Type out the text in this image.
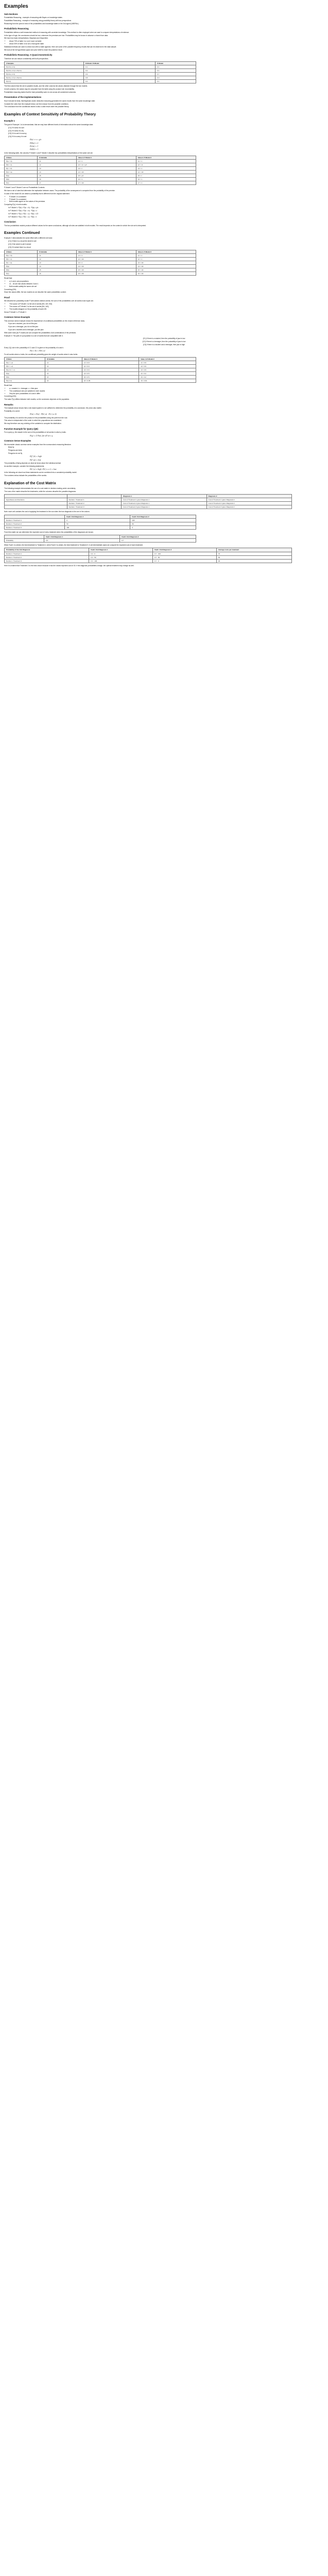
Examples
Sub-Sections

Probabilistic Reasoning - example of reasoning with Bayes on knowledge states

Possibilities Reasoning - example of reasoning using possibility theory with two perspectives

Reasoning from the point of view of the probabilities and knowledge states in the 2nd agent (LIBERAL)

Probabilistic Reasoning

Probabilistic defines a well researched method of reasoning with uncertain knowledge. This method is often employed when we want to compare interpretations of evidence.

In the type of logic, the conclusions should be true, whenever the premises are true. Probabilities may be known in advance or learnt from data.

We have two basic interpretations: Bayesian and frequentist.

• About 70% of table 4 or um it more not table
• About 30% of table 4 not um a most given state

Statistical methods are used to check how often a state appears. Here are some of the possible frequency results that can be observed in the data sample.

We look at the full hypothesis space and prior belief to reach the posterior result.

Probabilistic Reasoning: A Quasi-monotonicity

Therefore we can reason consistently with both perspectives.

# Samples	R-Model / R-Model	P-Model
P(v=hi | x=1)	0.1	0.1
P(v=hi | x=1) ∧ P(x=1)	0.2	0.1
P(v=lo | x=1)	0.9	0.7
P(v=lo | x=1) ∧ P(x=1)	0.8	0.3
P(x=1)	0.4	0.1

The first column lists the set of possible results, and the other columns list values obtained through the two models.

In both columns, the values may be computed from the table using the product rule of probability.

Probabilistic reasoning states that the total probability sums to one across all considered outcomes.

Presentation of the implementations

How it should be ideal, that Bayesian and/or deductive reasoning generates the same results from the same knowledge state.

Consider the rules from the example below; we then reason from the possible conditions.

The conclusion from the conditional values is also a valid result under the possible theory.

Examples of Context Sensitivity of Probability Theory
Example 1

The goal of Example 1 is to demonstrate, that we may have different levels of information about the same knowledge state.

{C1} If it rains it is wet

{C2} If it rains it is dry

{C3} If it is wet it is sunny

{C4} If it is sunny it is wet

P(a) = x = y/z

P(b|a) = 0

P(c|a) = 1

P(d|b) = 1

In the following table, the columns P-Model 1 and P-Model 2 describe two probabilistic interpretations of the same rule set.

# Rules	R-Variable	Value in P-Model 1	Value in P-Model 2
P(a ⇒ b)	x1	x1 = 1	x1 = 1
P(b ⇒ c)	x2	x2 = x1 = y/z	x2 = x1
P(c ⇒ d)	x3	x3 = z	x3 = 1
P(d ⇒ a)	x4	x4 = 1/2	x4 = 1/2
P(a)	x5	x5 = y/z	x5 = z
P(b)	x6	x6 = 1	x6 = 1
P(c)	x7	x7 = 1/2	x7 = 1

P-Model 1 and P-Model 2 are not Probabilistic Contexts

We have a set of rules that determine the implication between cases. The probability of the consequence is computed from the probability of the premise.

In case of the model M1 we obtain a probability that is different from the original statement.

• P-Model 1 is consistent
• P-Model 2 is consistent
• Both models agree on the values of the premises

Computing P(x) in both models:

In P-Model 1: P(b) = P(a ⇒ b) · P(a) = y/z

In P-Model 2: P(b) = P(a ⇒ b) · P(a) = z

In P-Model 1: P(c) = P(b ⇒ c) · P(b) = 1/2

In P-Model 2: P(c) = P(b ⇒ c) · P(b) = 1

Conclusion

The two probabilistic models produce different values for the same conclusions, although all rules are satisfied in both models. The result depends on the context in which the rule set is interpreted.

Examples Continued

Example 2 demonstrates the same effect with a different rule base.

{C1} If there is a cloud the street is wet

{C2} If the street is wet it rained

{C3} If it rained there is a cloud

# Rules	R-Variable	Value in P-Model 1	Value in P-Model 2
P(a ⇒ b)	x1	x1 = 1	x1 = 1
P(b ⇒ c)	x2	x2 = 1/2	x2 = 1
P(c ⇒ a)	x3	x3 = 1	x3 = 1/2
P(a)	x4	x4 = 1/3	x4 = 1/2
P(b)	x5	x5 = 1/3	x5 = 1/2
P(c)	x6	x6 = 1/6	x6 = 1/2

Recall that:

• a, b and c are propositions
• x1 .. x6 are real values between 0 and 1
• Both models satisfy the same rule set

Converting (DD):

Since the values differ, the two models do not describe the same probabilistic context.

Proof

We describe the probability model P with sixteen distinct worlds; the sum of the probabilities over all worlds must equal one.

• The source of P-Model 1 is the set of worlds {W1, W2, W3}
• The source of P-Model 2 is the set of worlds {W1, W4}
• The models disagree on the probability of world W1

Hence P-Model 1 ≠ P-Model 2.

Common Sense Example

This common sense example shows the dependence of conditional probabilities on the chosen reference class.

If you are a student, you do not like jazz

If you are a teenager, you do not like jazz

If you are a student and a teenager, you like jazz

With some tools (as P-model) we can compute the probabilities of all combinations of the premises.

Example 3: The path of a proposition is a set of worlds that are compatible with it.

{C1} If there is a student, then the probability of jazz is low

{C2} If there is a teenager, then the probability of jazz is low

{C3} If there is a student and a teenager, then jazz is high

Every C(l) rule in the probability of C1 and C2 is given in the probability of a and b.

P(a ⇒ b) = P(b | a)

For all worlds where a holds, the conditional probability gives the weight of worlds where b also holds.

# Rules	R-Variable	Value in P-Model 1	Value in P-Model 2
P(a ⇒ ¬c)	x1	x1 = 0.9	x1 = 0.9
P(b ⇒ ¬c)	x2	x2 = 0.9	x2 = 0.9
P(a ∧ b ⇒ c)	x3	x3 = 0.9	x3 = 0.9
P(a)	x4	x4 = 0.5	x4 = 0.2
P(b)	x5	x5 = 0.5	x5 = 0.2
P(a ∧ b)	x6	x6 = 0.05	x6 = 0.01

Recall that:

• a = student, b = teenager, c = likes jazz
• The conditional rules are satisfied in both models
• Only the prior probabilities of a and b differ

Converting (DD):

The value P(c) differs between both models, so the conclusion depends on the population.

Remarks

The example above shows that a rule-based system is not sufficient to determine the probability of a conclusion; the priors also matter.

Probability of a world:

P(w) = P(a) · P(b | a) · P(c | a, b)

The probability of a world is the product of the probabilities along the path from the root.

This value is independent of the order in which the propositions are considered.

We may therefore use any ordering of the variables to compute the distribution.

Function Example for Query (QE)

For a query q, the answer is the sum of the probabilities of all worlds in which q holds.

P(q) = Σ P(w), for all w ⊨ q

Common Sense Examples

We reconsider classic common sense examples from the nonmonotonic reasoning literature.

Birds fly

Penguins are birds

Penguins do not fly

P(f | b) = high

P(f | p) = low

The probability of flying depends on what we know about the individual animal.

As another example, consider the following statements:

P(t | s) = high, P(t | s ∧ r) = low

In the following we show how these statements can be combined into a consistent probability model.

The numbers below indicate the probabilities of the worlds.

Explanation of the Cost Matrix

The following example demonstrates the use of a cost matrix in decision making under uncertainty.

The rows of the matrix describe the treatments, while the columns describe the possible diagnoses.

		Diagnosis 1	Diagnosis 2
Hypotheses and Decisions	Decision / Treatment 1	Cost of Treatment 1 given Diagnosis 1	Cost of Treatment 1 given Diagnosis 2
	Decision / Treatment 2	Cost of Treatment 2 given Diagnosis 1	Cost of Treatment 2 given Diagnosis 2
	Decision / Treatment 3	Cost of Treatment 3 given Diagnosis 1	Cost of Treatment 3 given Diagnosis 2

Note: each cell contains the cost of applying the treatment in the row when the true diagnosis is the one in the column.

	Fault / Unit Diagnosis 1	Fault / Unit Diagnosis 2
Decision / Treatment 1	0	100
Decision / Treatment 2	50	50
Decision / Treatment 3	100	0

From this matrix we can determine the expected cost of every treatment when the probabilities of the diagnoses are known.

	Fault / Unit Diagnosis 1	Fault / Unit Diagnosis 2
Probability	0.3	0.7

When Fault 1 is certain, the best treatment is Treatment 1; when Fault 2 is certain, the best treatment is Treatment 3. In all intermediate cases we compute the expected cost of each treatment.

Probability of the Unit Diagnosis	Fault / Unit Diagnosis 1	Fault / Unit Diagnosis 2	Average costs per treatment
Decision / Treatment 1	0.3 · 0	0.7 · 100	70
Decision / Treatment 2	0.3 · 50	0.7 · 50	50
Decision / Treatment 3	0.3 · 100	0.7 · 0	30

Here it is evident that Treatment 3 is the best choice because it has the lowest expected cost of 30. If the diagnosis probabilities change, the optimal treatment may change as well.
